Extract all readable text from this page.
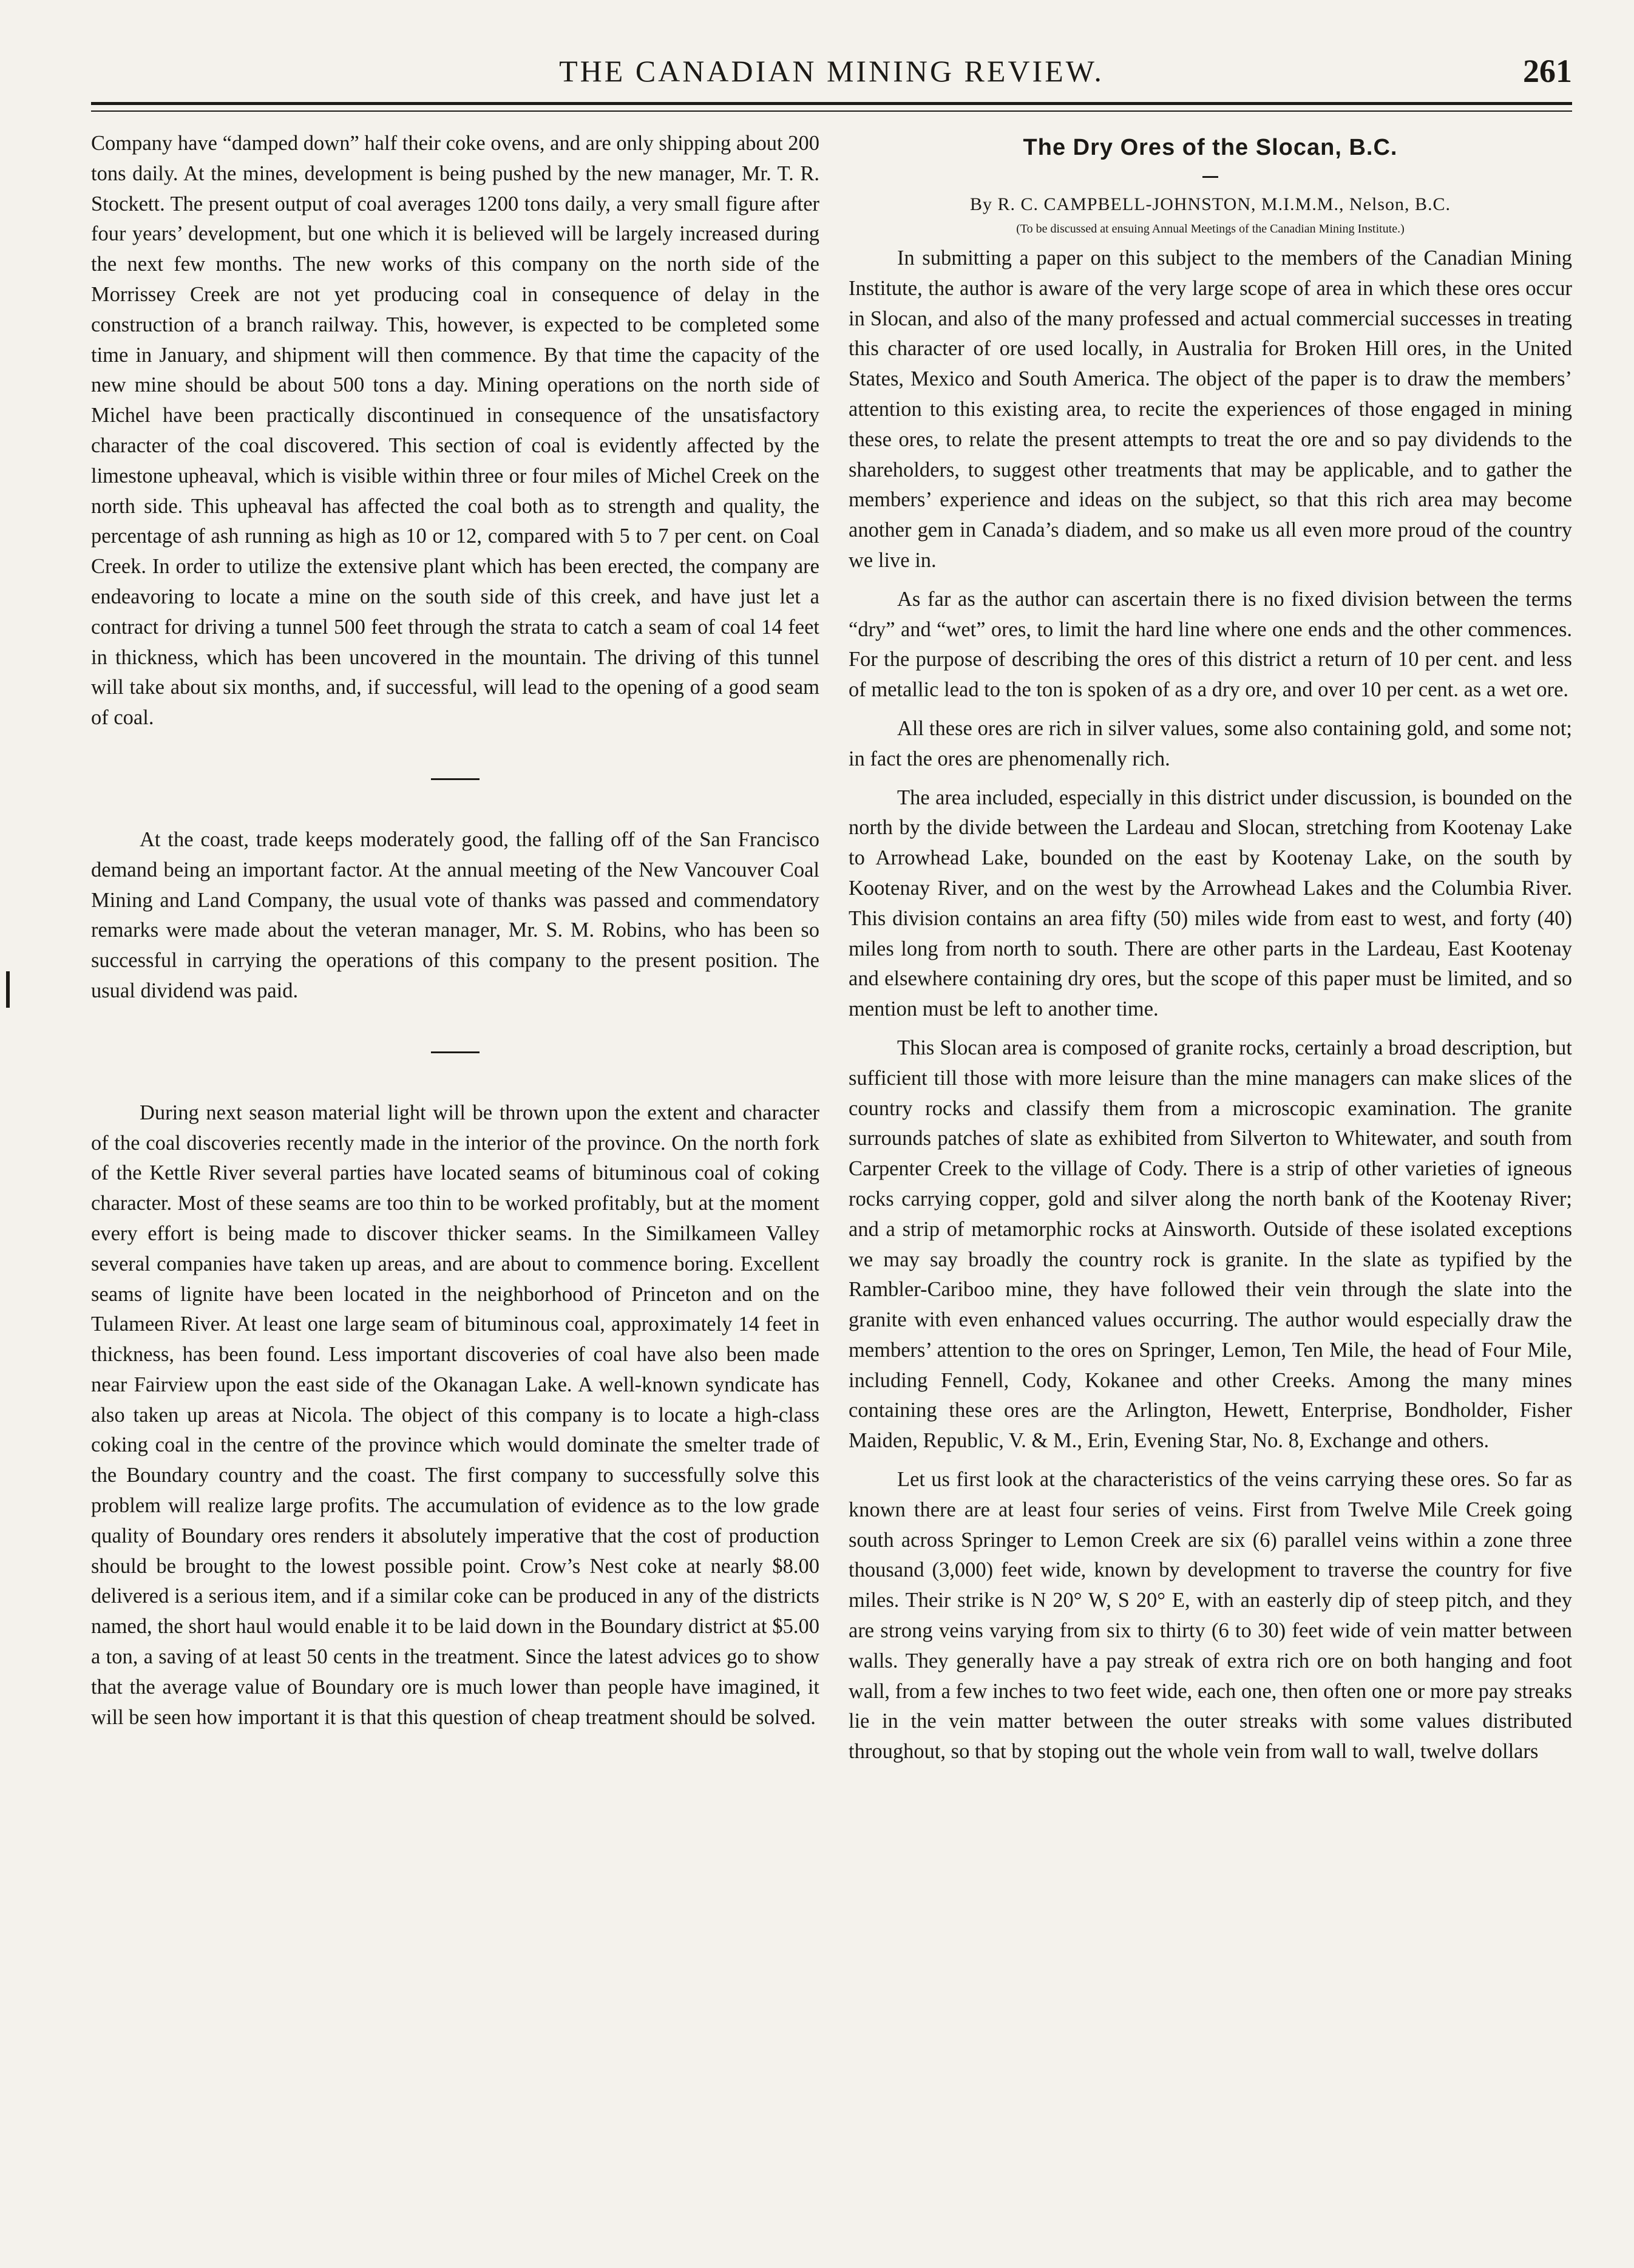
THE CANADIAN MINING REVIEW.	261

Company have “damped down” half their coke ovens, and are only shipping about 200 tons daily. At the mines, development is being pushed by the new manager, Mr. T. R. Stockett. The present output of coal averages 1200 tons daily, a very small figure after four years’ development, but one which it is believed will be largely increased during the next few months. The new works of this company on the north side of the Morrissey Creek are not yet producing coal in consequence of delay in the construction of a branch railway. This, however, is expected to be completed some time in January, and shipment will then commence. By that time the capacity of the new mine should be about 500 tons a day. Mining operations on the north side of Michel have been practically discontinued in consequence of the unsatisfactory character of the coal discovered. This section of coal is evidently affected by the limestone upheaval, which is visible within three or four miles of Michel Creek on the north side. This upheaval has affected the coal both as to strength and quality, the percentage of ash running as high as 10 or 12, compared with 5 to 7 per cent. on Coal Creek. In order to utilize the extensive plant which has been erected, the company are endeavoring to locate a mine on the south side of this creek, and have just let a contract for driving a tunnel 500 feet through the strata to catch a seam of coal 14 feet in thickness, which has been uncovered in the mountain. The driving of this tunnel will take about six months, and, if successful, will lead to the opening of a good seam of coal.

At the coast, trade keeps moderately good, the falling off of the San Francisco demand being an important factor. At the annual meeting of the New Vancouver Coal Mining and Land Company, the usual vote of thanks was passed and commendatory remarks were made about the veteran manager, Mr. S. M. Robins, who has been so successful in carrying the operations of this company to the present position. The usual dividend was paid.

During next season material light will be thrown upon the extent and character of the coal discoveries recently made in the interior of the province. On the north fork of the Kettle River several parties have located seams of bituminous coal of coking character. Most of these seams are too thin to be worked profitably, but at the moment every effort is being made to discover thicker seams. In the Similkameen Valley several companies have taken up areas, and are about to commence boring. Excellent seams of lignite have been located in the neighborhood of Princeton and on the Tulameen River. At least one large seam of bituminous coal, approximately 14 feet in thickness, has been found. Less important discoveries of coal have also been made near Fairview upon the east side of the Okanagan Lake. A well-known syndicate has also taken up areas at Nicola. The object of this company is to locate a high-class coking coal in the centre of the province which would dominate the smelter trade of the Boundary country and the coast. The first company to successfully solve this problem will realize large profits. The accumulation of evidence as to the low grade quality of Boundary ores renders it absolutely imperative that the cost of production should be brought to the lowest possible point. Crow’s Nest coke at nearly $8.00 delivered is a serious item, and if a similar coke can be produced in any of the districts named, the short haul would enable it to be laid down in the Boundary district at $5.00 a ton, a saving of at least 50 cents in the treatment. Since the latest advices go to show that the average value of Boundary ore is much lower than people have imagined, it will be seen how important it is that this question of cheap treatment should be solved.

The Dry Ores of the Slocan, B.C.
By R. C. CAMPBELL-JOHNSTON, M.I.M.M., Nelson, B.C.
(To be discussed at ensuing Annual Meetings of the Canadian Mining Institute.)

In submitting a paper on this subject to the members of the Canadian Mining Institute, the author is aware of the very large scope of area in which these ores occur in Slocan, and also of the many professed and actual commercial successes in treating this character of ore used locally, in Australia for Broken Hill ores, in the United States, Mexico and South America. The object of the paper is to draw the members’ attention to this existing area, to recite the experiences of those engaged in mining these ores, to relate the present attempts to treat the ore and so pay dividends to the shareholders, to suggest other treatments that may be applicable, and to gather the members’ experience and ideas on the subject, so that this rich area may become another gem in Canada’s diadem, and so make us all even more proud of the country we live in.

As far as the author can ascertain there is no fixed division between the terms “dry” and “wet” ores, to limit the hard line where one ends and the other commences. For the purpose of describing the ores of this district a return of 10 per cent. and less of metallic lead to the ton is spoken of as a dry ore, and over 10 per cent. as a wet ore.

All these ores are rich in silver values, some also containing gold, and some not; in fact the ores are phenomenally rich.

The area included, especially in this district under discussion, is bounded on the north by the divide between the Lardeau and Slocan, stretching from Kootenay Lake to Arrowhead Lake, bounded on the east by Kootenay Lake, on the south by Kootenay River, and on the west by the Arrowhead Lakes and the Columbia River. This division contains an area fifty (50) miles wide from east to west, and forty (40) miles long from north to south. There are other parts in the Lardeau, East Kootenay and elsewhere containing dry ores, but the scope of this paper must be limited, and so mention must be left to another time.

This Slocan area is composed of granite rocks, certainly a broad description, but sufficient till those with more leisure than the mine managers can make slices of the country rocks and classify them from a microscopic examination. The granite surrounds patches of slate as exhibited from Silverton to Whitewater, and south from Carpenter Creek to the village of Cody. There is a strip of other varieties of igneous rocks carrying copper, gold and silver along the north bank of the Kootenay River; and a strip of metamorphic rocks at Ainsworth. Outside of these isolated exceptions we may say broadly the country rock is granite. In the slate as typified by the Rambler-Cariboo mine, they have followed their vein through the slate into the granite with even enhanced values occurring. The author would especially draw the members’ attention to the ores on Springer, Lemon, Ten Mile, the head of Four Mile, including Fennell, Cody, Kokanee and other Creeks. Among the many mines containing these ores are the Arlington, Hewett, Enterprise, Bondholder, Fisher Maiden, Republic, V. & M., Erin, Evening Star, No. 8, Exchange and others.

Let us first look at the characteristics of the veins carrying these ores. So far as known there are at least four series of veins. First from Twelve Mile Creek going south across Springer to Lemon Creek are six (6) parallel veins within a zone three thousand (3,000) feet wide, known by development to traverse the country for five miles. Their strike is N 20° W, S 20° E, with an easterly dip of steep pitch, and they are strong veins varying from six to thirty (6 to 30) feet wide of vein matter between walls. They generally have a pay streak of extra rich ore on both hanging and foot wall, from a few inches to two feet wide, each one, then often one or more pay streaks lie in the vein matter between the outer streaks with some values distributed throughout, so that by stoping out the whole vein from wall to wall, twelve dollars
